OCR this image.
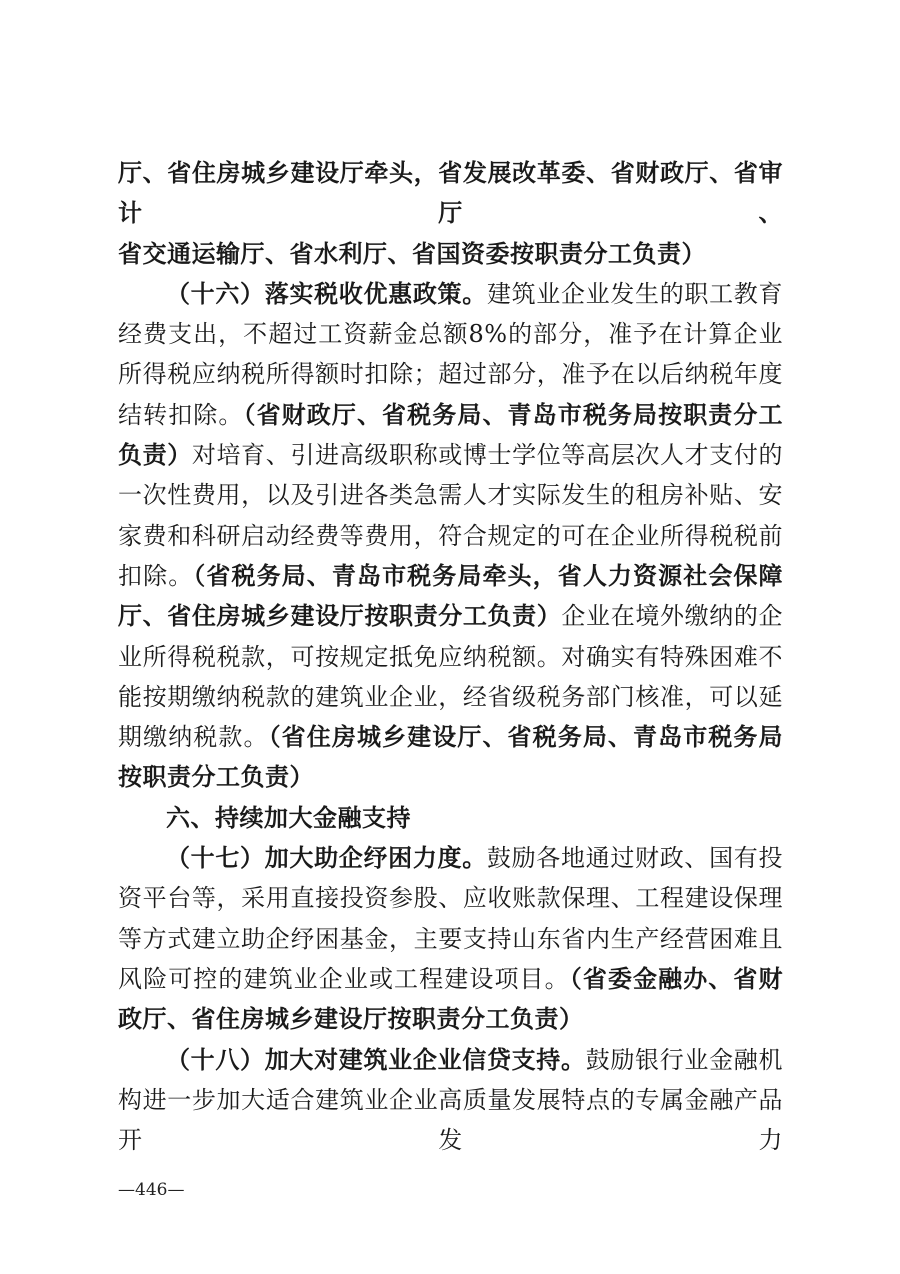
厅、省住房城乡建设厅牵头，省发展改革委、省财政厅、省审计厅、

省交通运输厅、省水利厅、省国资委按职责分工负责）

（十六）落实税收优惠政策。建筑业企业发生的职工教育经费支出，不超过工资薪金总额8%的部分，准予在计算企业所得税应纳税所得额时扣除；超过部分，准予在以后纳税年度结转扣除。（省财政厅、省税务局、青岛市税务局按职责分工负责）对培育、引进高级职称或博士学位等高层次人才支付的一次性费用，以及引进各类急需人才实际发生的租房补贴、安家费和科研启动经费等费用，符合规定的可在企业所得税税前扣除。（省税务局、青岛市税务局牵头，省人力资源社会保障厅、省住房城乡建设厅按职责分工负责）企业在境外缴纳的企业所得税税款，可按规定抵免应纳税额。对确实有特殊困难不能按期缴纳税款的建筑业企业，经省级税务部门核准，可以延期缴纳税款。（省住房城乡建设厅、省税务局、青岛市税务局按职责分工负责）

六、持续加大金融支持

（十七）加大助企纾困力度。鼓励各地通过财政、国有投资平台等，采用直接投资参股、应收账款保理、工程建设保理等方式建立助企纾困基金，主要支持山东省内生产经营困难且风险可控的建筑业企业或工程建设项目。（省委金融办、省财政厅、省住房城乡建设厅按职责分工负责）

（十八）加大对建筑业企业信贷支持。鼓励银行业金融机构进一步加大适合建筑业企业高质量发展特点的专属金融产品开发力

—446—
